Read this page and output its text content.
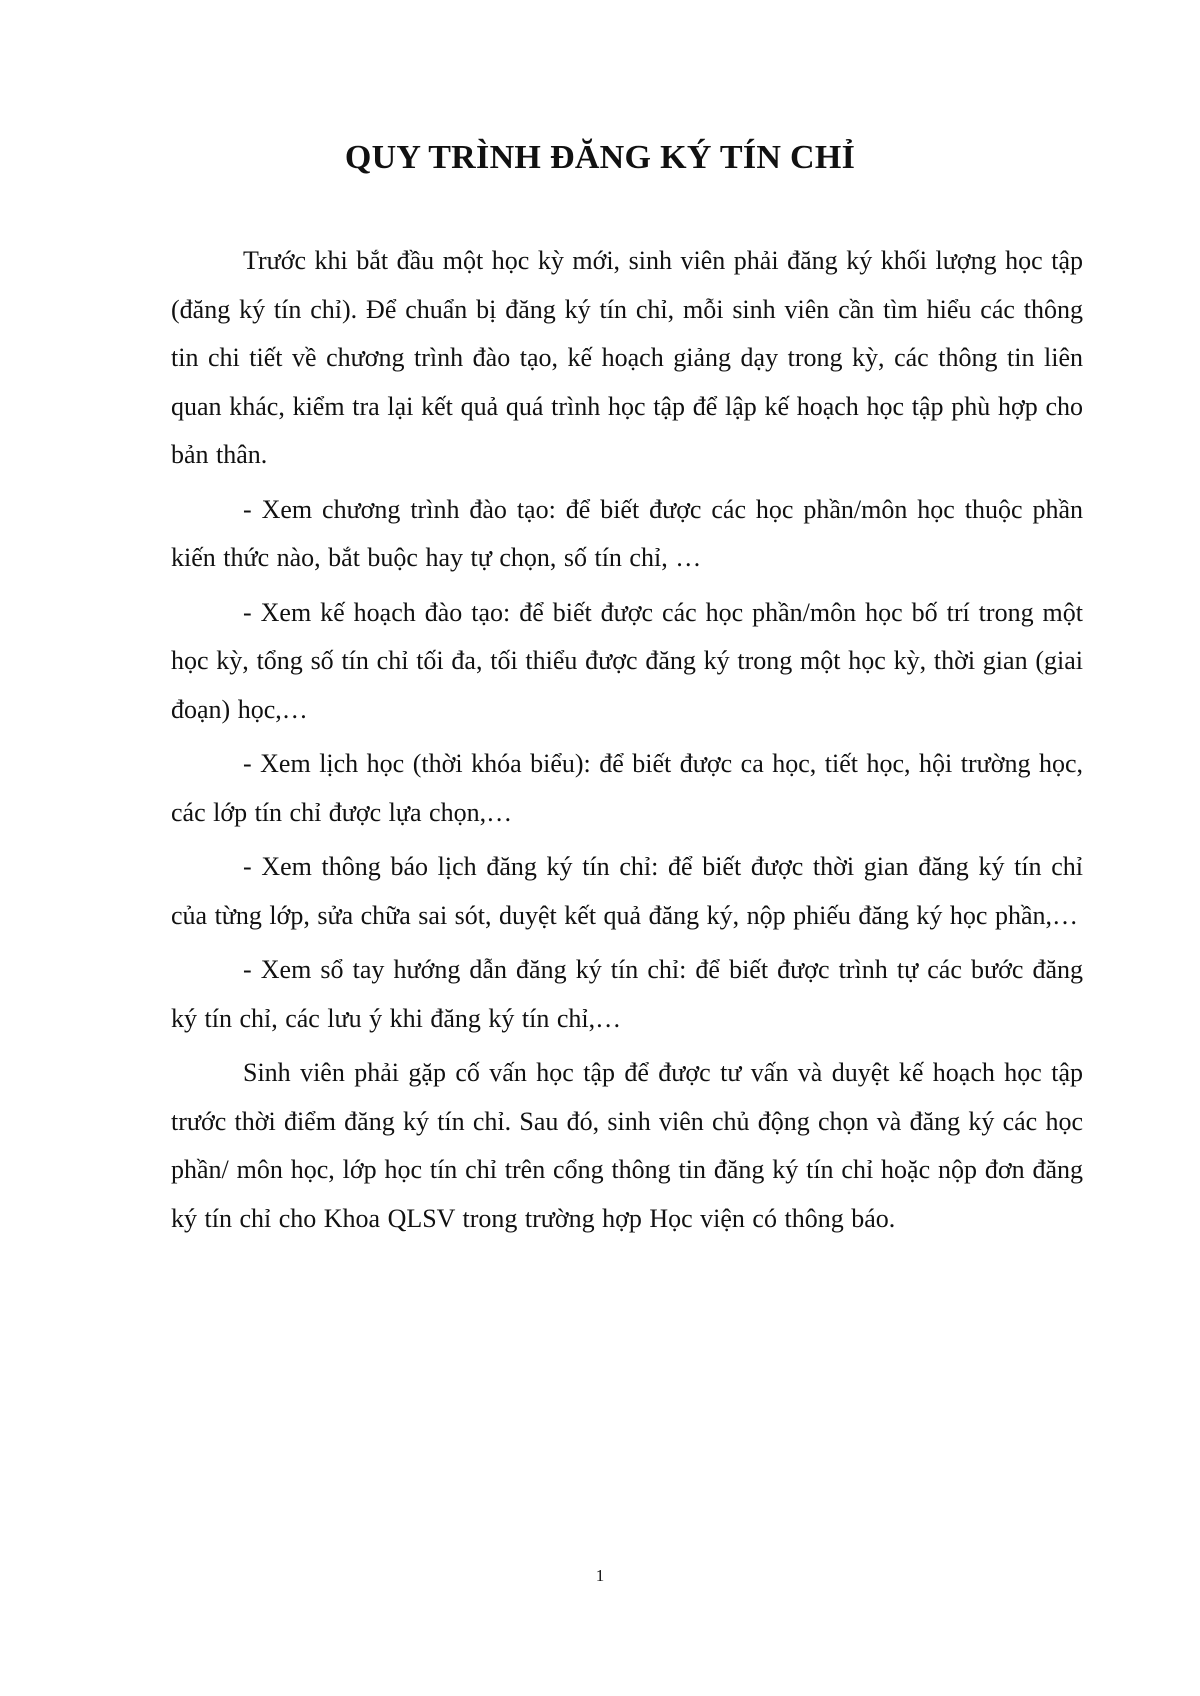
QUY TRÌNH ĐĂNG KÝ TÍN CHỈ

Trước khi bắt đầu một học kỳ mới, sinh viên phải đăng ký khối lượng học tập (đăng ký tín chỉ). Để chuẩn bị đăng ký tín chỉ, mỗi sinh viên cần tìm hiểu các thông tin chi tiết về chương trình đào tạo, kế hoạch giảng dạy trong kỳ, các thông tin liên quan khác, kiểm tra lại kết quả quá trình học tập để lập kế hoạch học tập phù hợp cho bản thân.

- Xem chương trình đào tạo: để biết được các học phần/môn học thuộc phần kiến thức nào, bắt buộc hay tự chọn, số tín chỉ, …

- Xem kế hoạch đào tạo: để biết được các học phần/môn học bố trí trong một học kỳ, tổng số tín chỉ tối đa, tối thiểu được đăng ký trong một học kỳ, thời gian (giai đoạn) học,…

- Xem lịch học (thời khóa biểu): để biết được ca học, tiết học, hội trường học, các lớp tín chỉ được lựa chọn,…

- Xem thông báo lịch đăng ký tín chỉ: để biết được thời gian đăng ký tín chỉ của từng lớp, sửa chữa sai sót, duyệt kết quả đăng ký, nộp phiếu đăng ký học phần,…

- Xem sổ tay hướng dẫn đăng ký tín chỉ: để biết được trình tự các bước đăng ký tín chỉ, các lưu ý khi đăng ký tín chỉ,…

Sinh viên phải gặp cố vấn học tập để được tư vấn và duyệt kế hoạch học tập trước thời điểm đăng ký tín chỉ. Sau đó, sinh viên chủ động chọn và đăng ký các học phần/ môn học, lớp học tín chỉ trên cổng thông tin đăng ký tín chỉ hoặc nộp đơn đăng ký tín chỉ cho Khoa QLSV trong trường hợp Học viện có thông báo.

1
